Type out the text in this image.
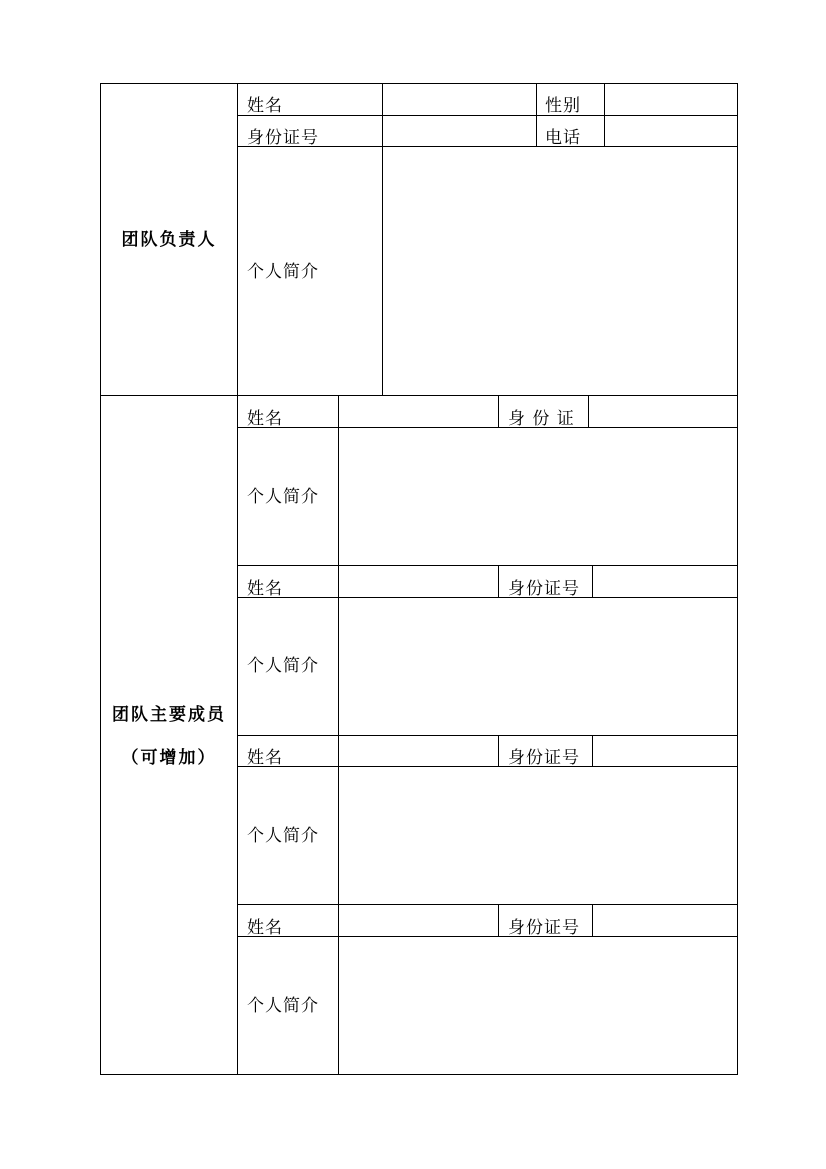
团队负责人
姓名	性别
身份证号	电话
个人简介
团队主要成员
（可增加）
姓名	身 份 证
个人简介
姓名	身份证号
个人简介
姓名	身份证号
个人简介
姓名	身份证号
个人简介
